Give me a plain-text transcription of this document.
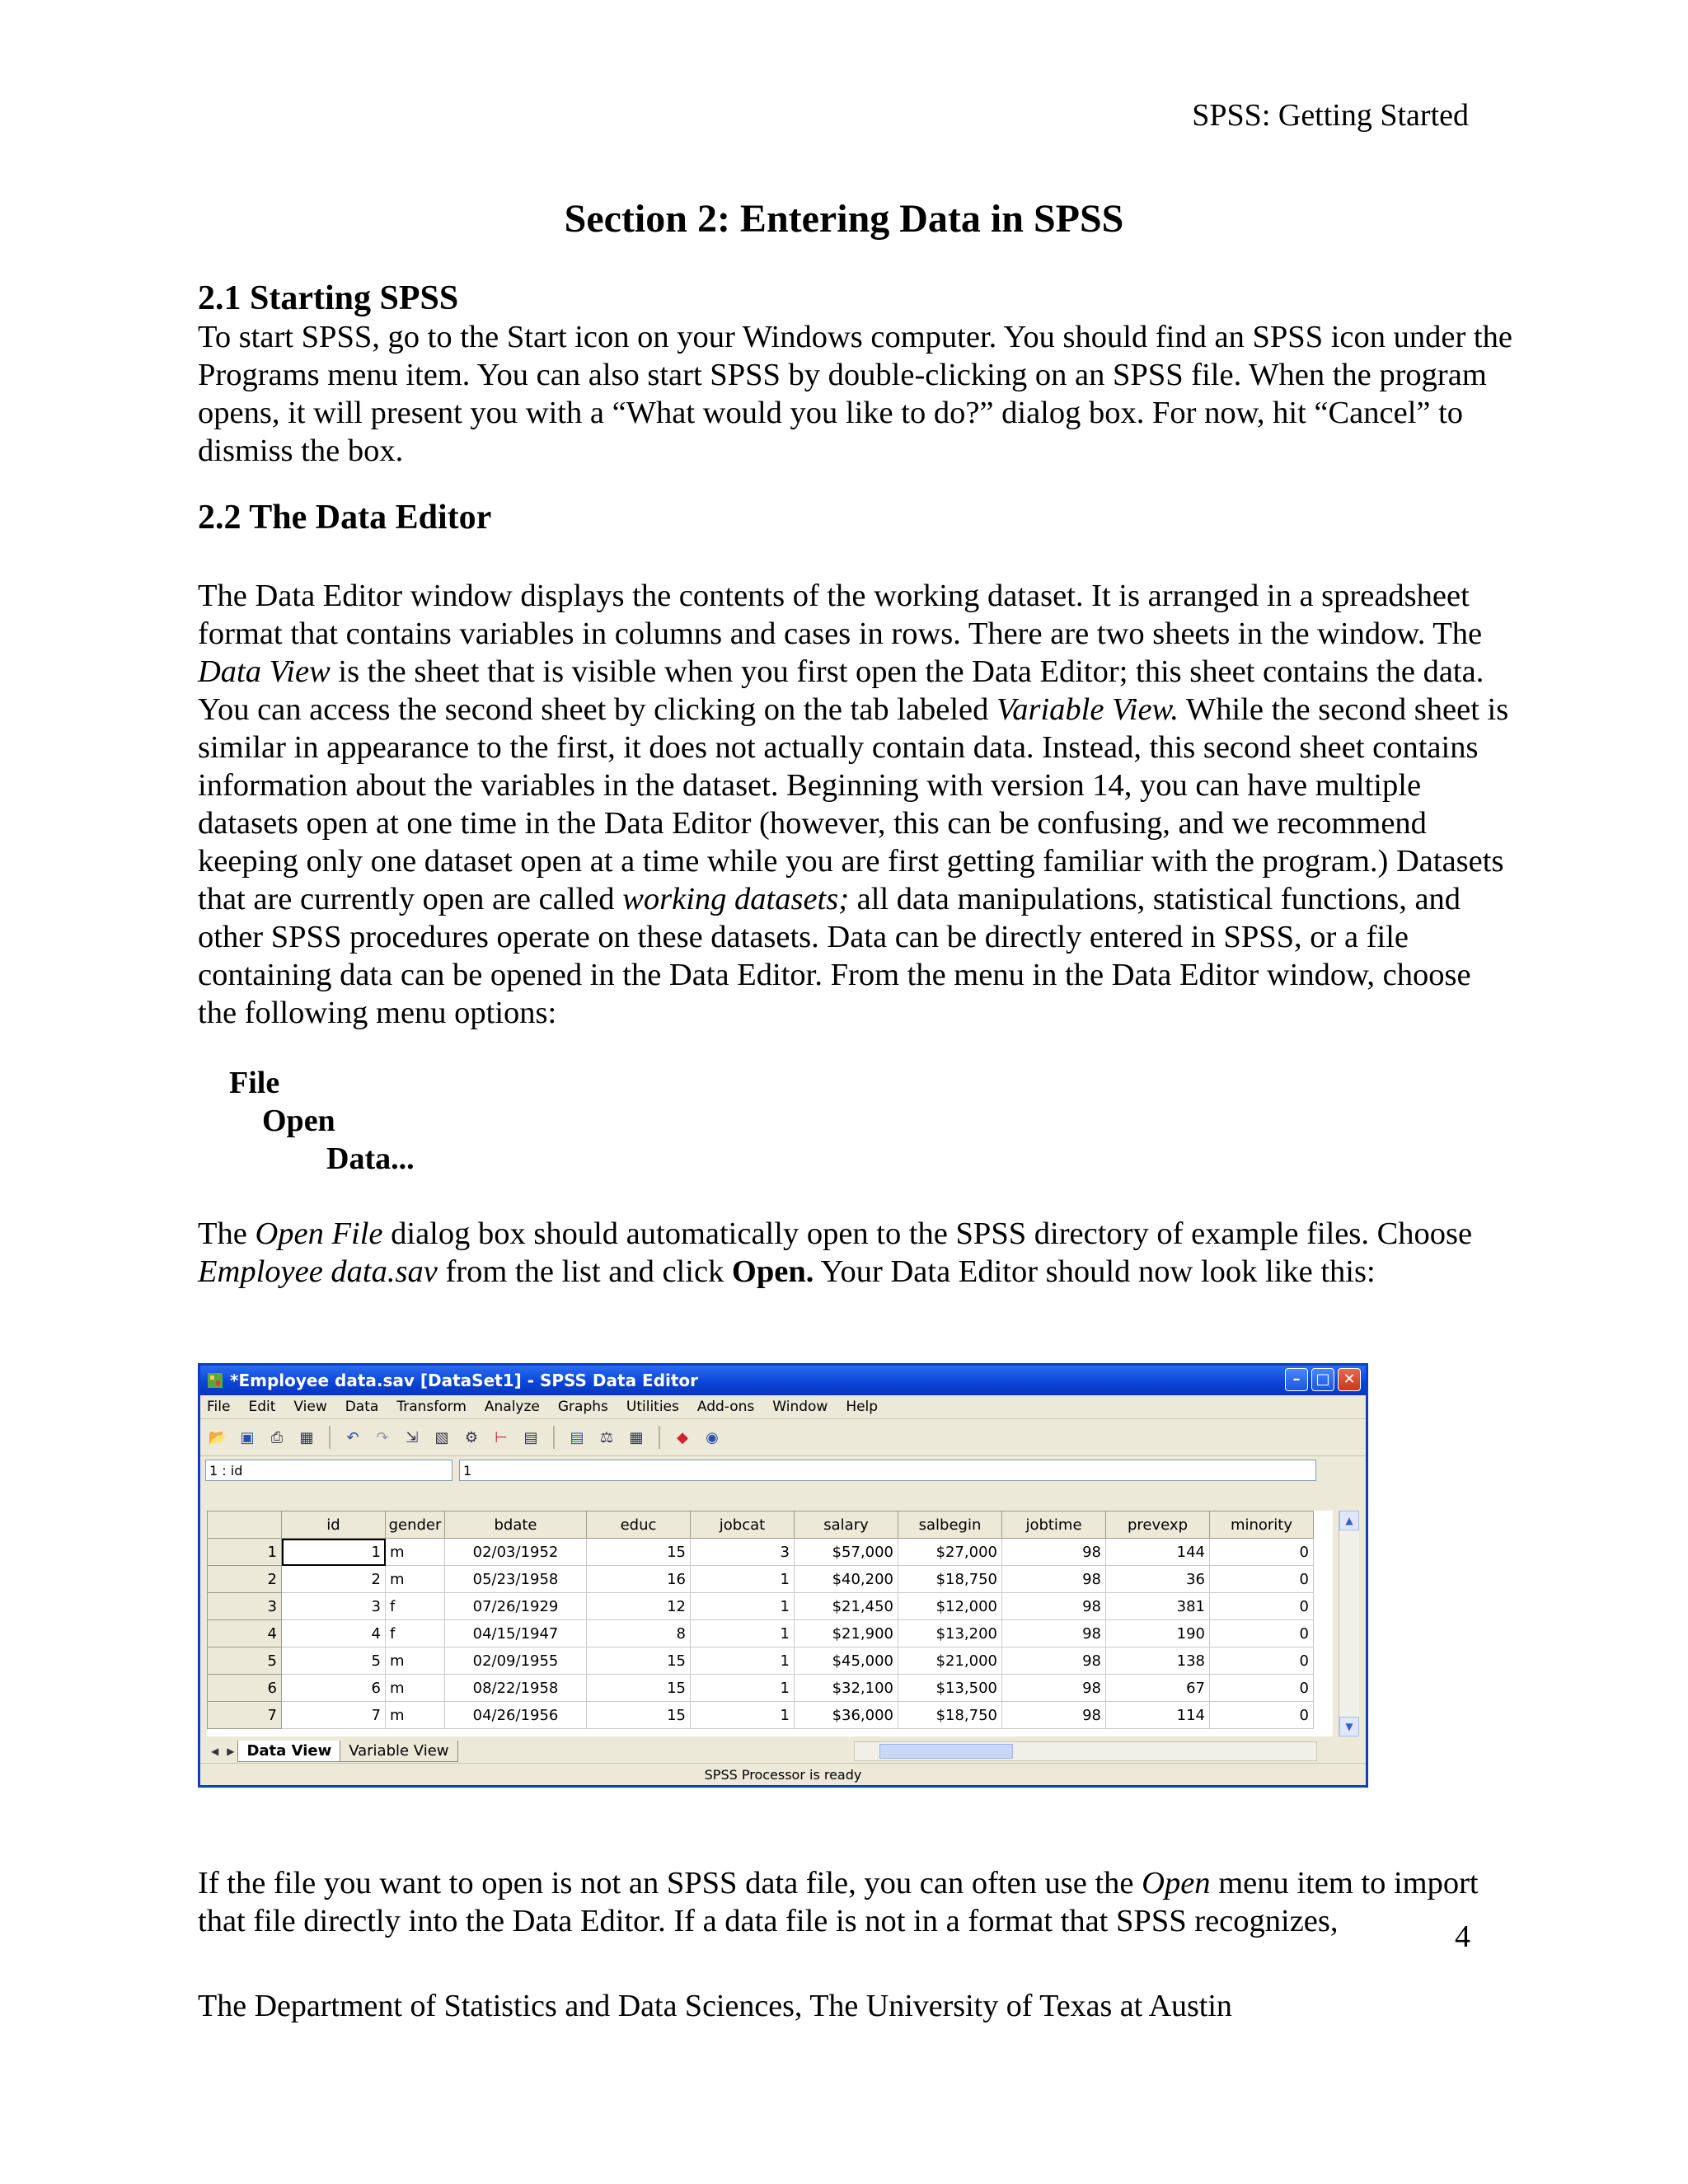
SPSS: Getting Started
Section 2: Entering Data in SPSS
2.1 Starting SPSS

To start SPSS, go to the Start icon on your Windows computer. You should find an SPSS icon under the Programs menu item. You can also start SPSS by double-clicking on an SPSS file. When the program opens, it will present you with a “What would you like to do?” dialog box. For now, hit “Cancel” to dismiss the box.

2.2 The Data Editor

The Data Editor window displays the contents of the working dataset. It is arranged in a spreadsheet format that contains variables in columns and cases in rows. There are two sheets in the window. The Data View is the sheet that is visible when you first open the Data Editor; this sheet contains the data. You can access the second sheet by clicking on the tab labeled Variable View. While the second sheet is similar in appearance to the first, it does not actually contain data. Instead, this second sheet contains information about the variables in the dataset. Beginning with version 14, you can have multiple datasets open at one time in the Data Editor (however, this can be confusing, and we recommend keeping only one dataset open at a time while you are first getting familiar with the program.) Datasets that are currently open are called working datasets; all data manipulations, statistical functions, and other SPSS procedures operate on these datasets. Data can be directly entered in SPSS, or a file containing data can be opened in the Data Editor. From the menu in the Data Editor window, choose the following menu options:

File
Open
Data...

The Open File dialog box should automatically open to the SPSS directory of example files. Choose Employee data.sav from the list and click Open. Your Data Editor should now look like this:

*Employee data.sav [DataSet1] - SPSS Data Editor	– □ ✕
File Edit View Data Transform Analyze Graphs Utilities Add-ons Window Help
📂 ▣	⎙	▦	↶	↷	⇲	▧ ⚙ ⊢ ▤ ▤ ⚖ ▦	◆	◉
1 : id	1
	id	gender	bdate	educ	jobcat	salary	salbegin	jobtime	prevexp	minority
1	1	m	02/03/1952	15	3	$57,000	$27,000	98	144	0
2	2	m	05/23/1958	16	1	$40,200	$18,750	98	36	0
3	3	f	07/26/1929	12	1	$21,450	$12,000	98	381	0
4	4	f	04/15/1947	8	1	$21,900	$13,200	98	190	0
5	5	m	02/09/1955	15	1	$45,000	$21,000	98	138	0
6	6	m	08/22/1958	15	1	$32,100	$13,500	98	67	0
7	7	m	04/26/1956	15	1	$36,000	$18,750	98	114	0
▲
▼
◀ ▶ Data View	Variable View
SPSS Processor is ready

If the file you want to open is not an SPSS data file, you can often use the Open menu item to import that file directly into the Data Editor. If a data file is not in a format that SPSS recognizes,	4
The Department of Statistics and Data Sciences, The University of Texas at Austin
